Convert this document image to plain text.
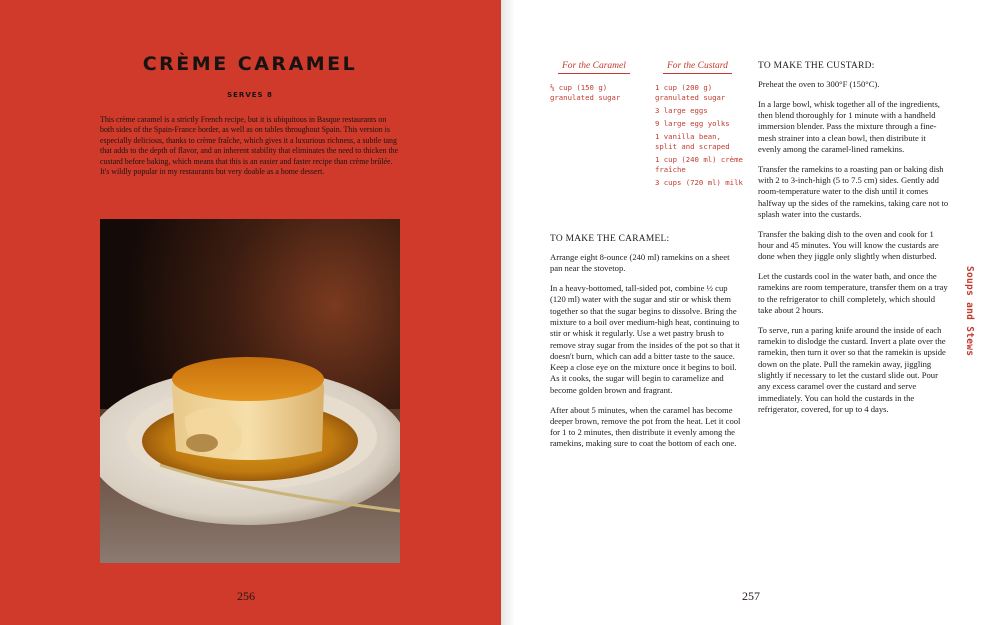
CRÈME CARAMEL
SERVES 8

This crème caramel is a strictly French recipe, but it is ubiquitous in Basque restaurants on both sides of the Spain-France border, as well as on tables throughout Spain. This version is especially delicious, thanks to crème fraîche, which gives it a luxurious richness, a subtle tang that adds to the depth of flavor, and an inherent stability that eliminates the need to thicken the custard before baking, which means that this is an easier and faster recipe than crème brûlée. It's wildly popular in my restaurants but very doable as a home dessert.

256
For the Caramel
⅔ cup (150 g) granulated sugar
For the Custard
1 cup (200 g) granulated sugar
3 large eggs
9 large egg yolks
1 vanilla bean, split and scraped
1 cup (240 ml) crème fraîche
3 cups (720 ml) milk
TO MAKE THE CARAMEL:

Arrange eight 8-ounce (240 ml) ramekins on a sheet pan near the stovetop.

In a heavy-bottomed, tall-sided pot, combine ½ cup (120 ml) water with the sugar and stir or whisk them together so that the sugar begins to dissolve. Bring the mixture to a boil over medium-high heat, continuing to stir or whisk it regularly. Use a wet pastry brush to remove stray sugar from the insides of the pot so that it doesn't burn, which can add a bitter taste to the sauce. Keep a close eye on the mixture once it begins to boil. As it cooks, the sugar will begin to caramelize and become golden brown and fragrant.

After about 5 minutes, when the caramel has become deeper brown, remove the pot from the heat. Let it cool for 1 to 2 minutes, then distribute it evenly among the ramekins, making sure to coat the bottom of each one.

TO MAKE THE CUSTARD:

Preheat the oven to 300°F (150°C).

In a large bowl, whisk together all of the ingredients, then blend thoroughly for 1 minute with a handheld immersion blender. Pass the mixture through a fine-mesh strainer into a clean bowl, then distribute it evenly among the caramel-lined ramekins.

Transfer the ramekins to a roasting pan or baking dish with 2 to 3-inch-high (5 to 7.5 cm) sides. Gently add room-temperature water to the dish until it comes halfway up the sides of the ramekins, taking care not to splash water into the custards.

Transfer the baking dish to the oven and cook for 1 hour and 45 minutes. You will know the custards are done when they jiggle only slightly when disturbed.

Let the custards cool in the water bath, and once the ramekins are room temperature, transfer them on a tray to the refrigerator to chill completely, which should take about 2 hours.

To serve, run a paring knife around the inside of each ramekin to dislodge the custard. Invert a plate over the ramekin, then turn it over so that the ramekin is upside down on the plate. Pull the ramekin away, jiggling slightly if necessary to let the custard slide out. Pour any excess caramel over the custard and serve immediately. You can hold the custards in the refrigerator, covered, for up to 4 days.

Soups and Stews
257
